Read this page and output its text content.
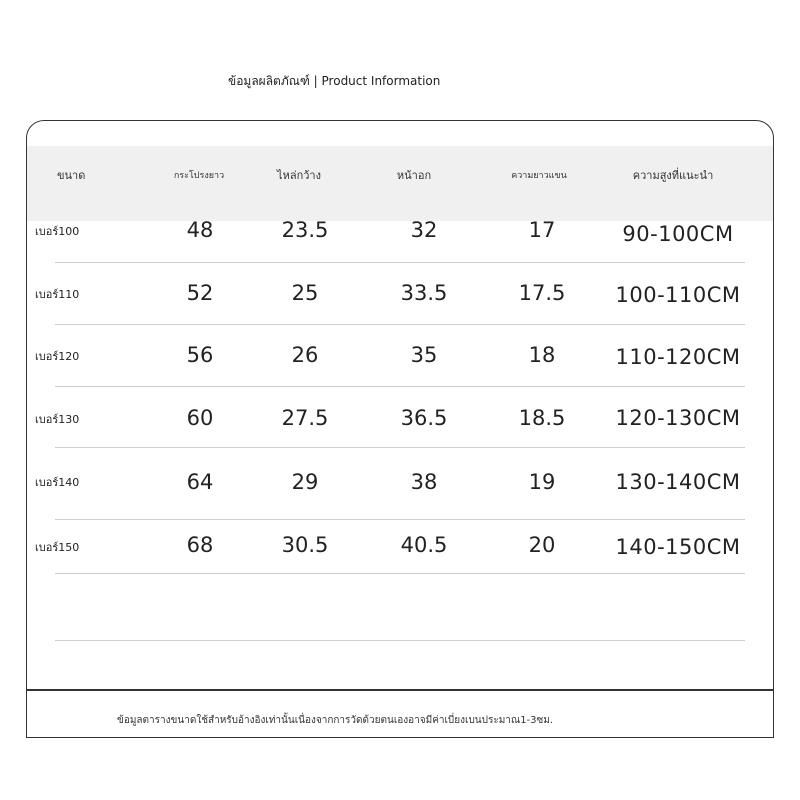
ข้อมูลผลิตภัณฑ์ | Product Information
ขนาด	กระโปรงยาว	ไหล่กว้าง	หน้าอก	ความยาวแขน	ความสูงที่แนะนำ
เบอร์100	48	23.5	32	17	90-100CM
เบอร์110	52	25	33.5	17.5 100-110CM
เบอร์120	56	26	35	18	110-120CM
เบอร์130	60	27.5	36.5	18.5 120-130CM
เบอร์140	64	29	38	19	130-140CM
เบอร์150	68	30.5	40.5	20	140-150CM
ข้อมูลตารางขนาดใช้สำหรับอ้างอิงเท่านั้นเนื่องจากการวัดด้วยตนเองอาจมีค่าเบี่ยงเบนประมาณ1-3ซม.
